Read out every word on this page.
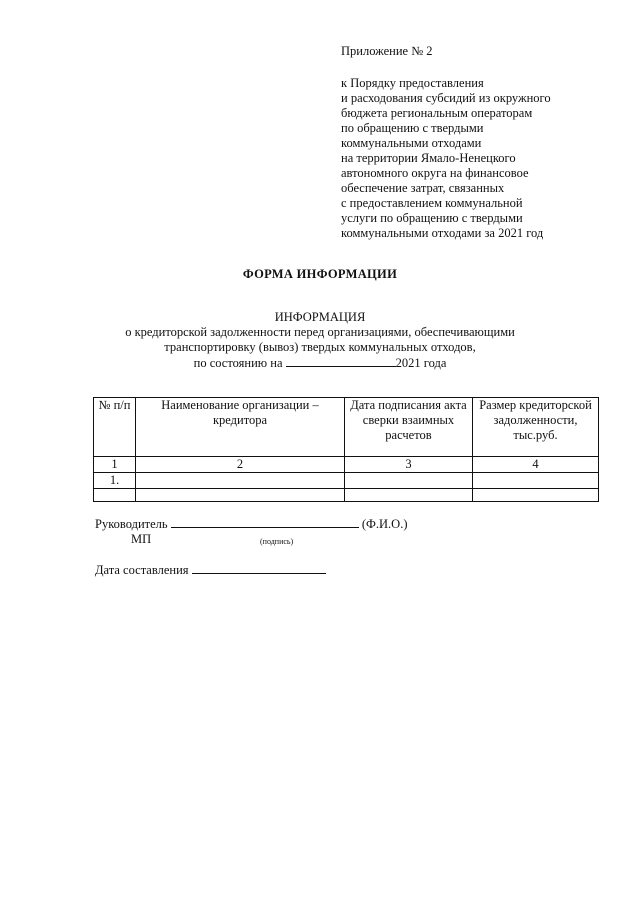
Приложение № 2
к Порядку предоставления
и расходования субсидий из окружного
бюджета региональным операторам
по обращению с твердыми
коммунальными отходами
на территории Ямало-Ненецкого
автономного округа на финансовое
обеспечение затрат, связанных
с предоставлением коммунальной
услуги по обращению с твердыми
коммунальными отходами за 2021 год
ФОРМА ИНФОРМАЦИИ
ИНФОРМАЦИЯ
о кредиторской задолженности перед организациями, обеспечивающими
транспортировку (вывоз) твердых коммунальных отходов,
по состоянию на	2021 года
№ п/п	Наименование организации – кредитора	Дата подписания акта сверки взаимных расчетов	Размер кредиторской задолженности, тыс.руб.
1	2	3	4
1.			

Руководитель	(Ф.И.О.)
МП	(подпись)
Дата составления
